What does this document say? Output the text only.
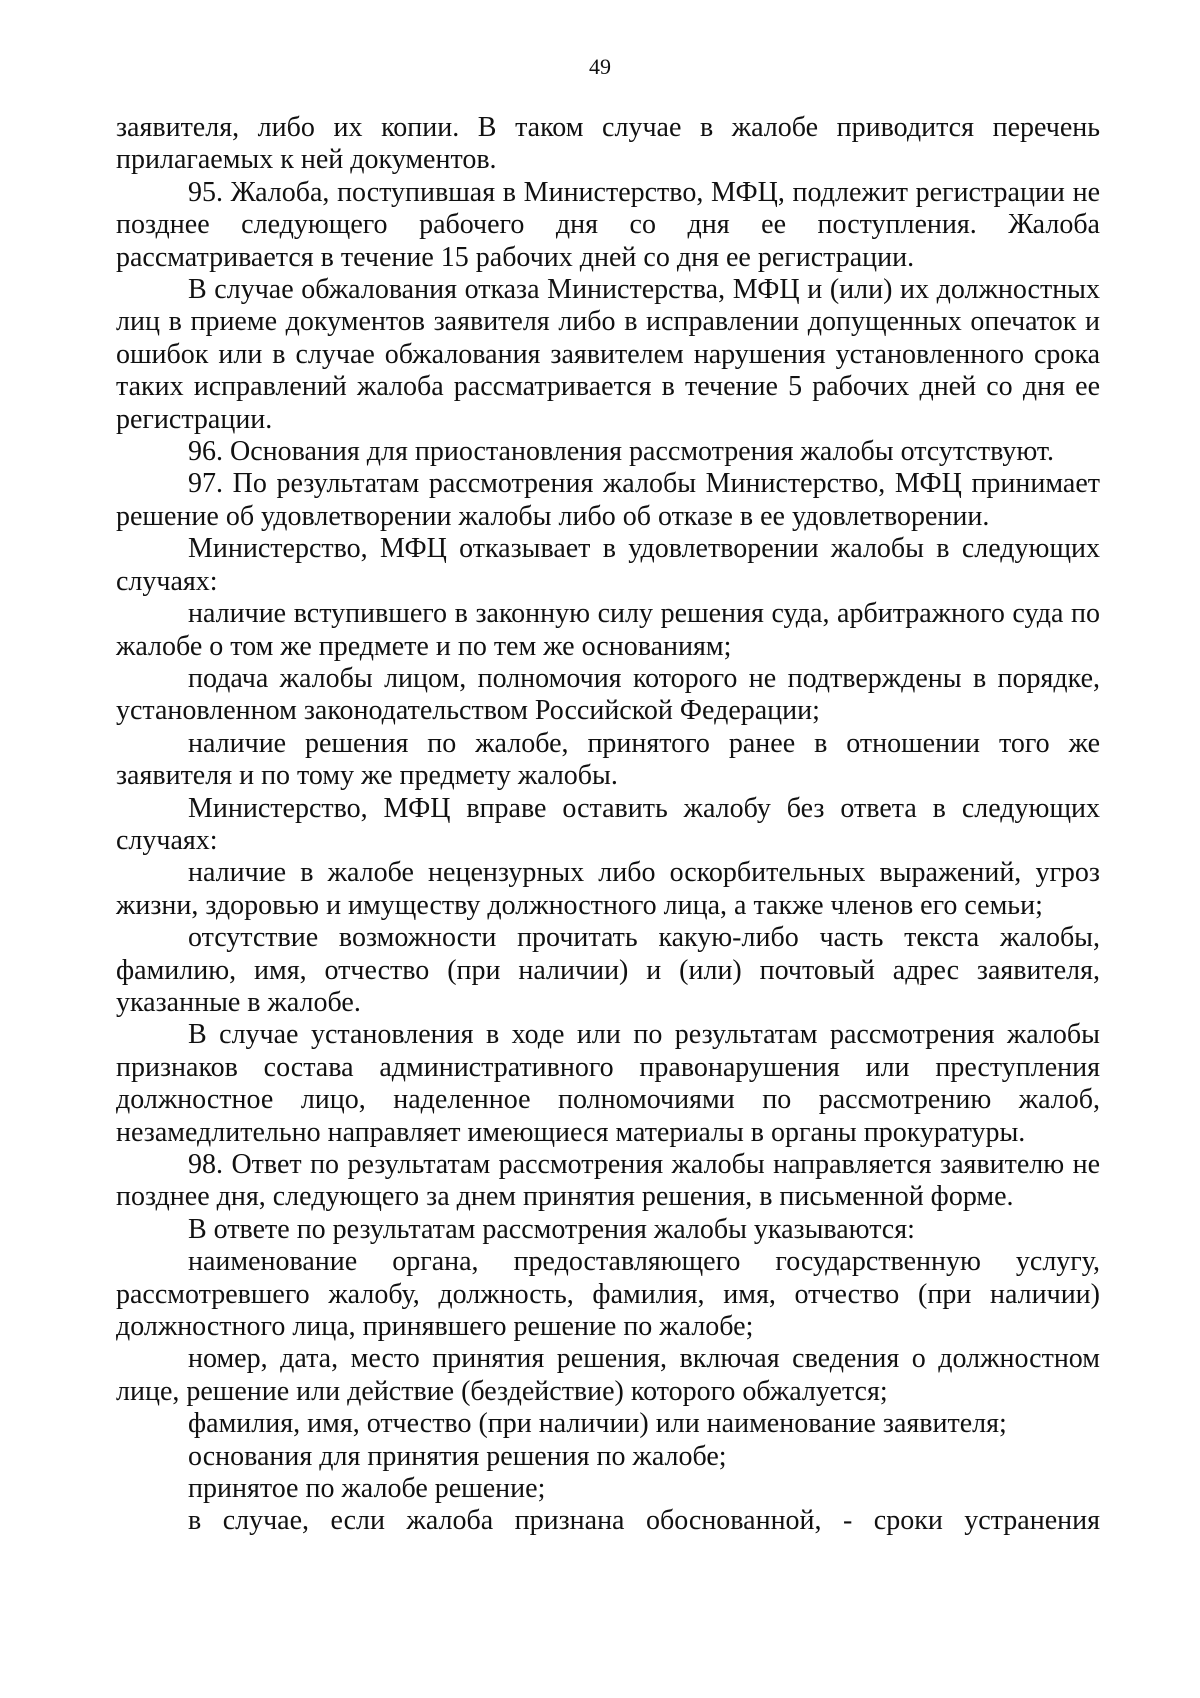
49

заявителя, либо их копии. В таком случае в жалобе приводится перечень прилагаемых к ней документов.

95. Жалоба, поступившая в Министерство, МФЦ, подлежит регистрации не позднее следующего рабочего дня со дня ее поступления. Жалоба рассматривается в течение 15 рабочих дней со дня ее регистрации.

В случае обжалования отказа Министерства, МФЦ и (или) их должностных лиц в приеме документов заявителя либо в исправлении допущенных опечаток и ошибок или в случае обжалования заявителем нарушения установленного срока таких исправлений жалоба рассматривается в течение 5 рабочих дней со дня ее регистрации.

96. Основания для приостановления рассмотрения жалобы отсутствуют.

97. По результатам рассмотрения жалобы Министерство, МФЦ принимает решение об удовлетворении жалобы либо об отказе в ее удовлетворении.

Министерство, МФЦ отказывает в удовлетворении жалобы в следующих случаях:

наличие вступившего в законную силу решения суда, арбитражного суда по жалобе о том же предмете и по тем же основаниям;

подача жалобы лицом, полномочия которого не подтверждены в порядке, установленном законодательством Российской Федерации;

наличие решения по жалобе, принятого ранее в отношении того же заявителя и по тому же предмету жалобы.

Министерство, МФЦ вправе оставить жалобу без ответа в следующих случаях:

наличие в жалобе нецензурных либо оскорбительных выражений, угроз жизни, здоровью и имуществу должностного лица, а также членов его семьи;

отсутствие возможности прочитать какую-либо часть текста жалобы, фамилию, имя, отчество (при наличии) и (или) почтовый адрес заявителя, указанные в жалобе.

В случае установления в ходе или по результатам рассмотрения жалобы признаков состава административного правонарушения или преступления должностное лицо, наделенное полномочиями по рассмотрению жалоб, незамедлительно направляет имеющиеся материалы в органы прокуратуры.

98. Ответ по результатам рассмотрения жалобы направляется заявителю не позднее дня, следующего за днем принятия решения, в письменной форме.

В ответе по результатам рассмотрения жалобы указываются:

наименование органа, предоставляющего государственную услугу, рассмотревшего жалобу, должность, фамилия, имя, отчество (при наличии) должностного лица, принявшего решение по жалобе;

номер, дата, место принятия решения, включая сведения о должностном лице, решение или действие (бездействие) которого обжалуется;

фамилия, имя, отчество (при наличии) или наименование заявителя;

основания для принятия решения по жалобе;

принятое по жалобе решение;

в случае, если жалоба признана обоснованной, - сроки устранения
